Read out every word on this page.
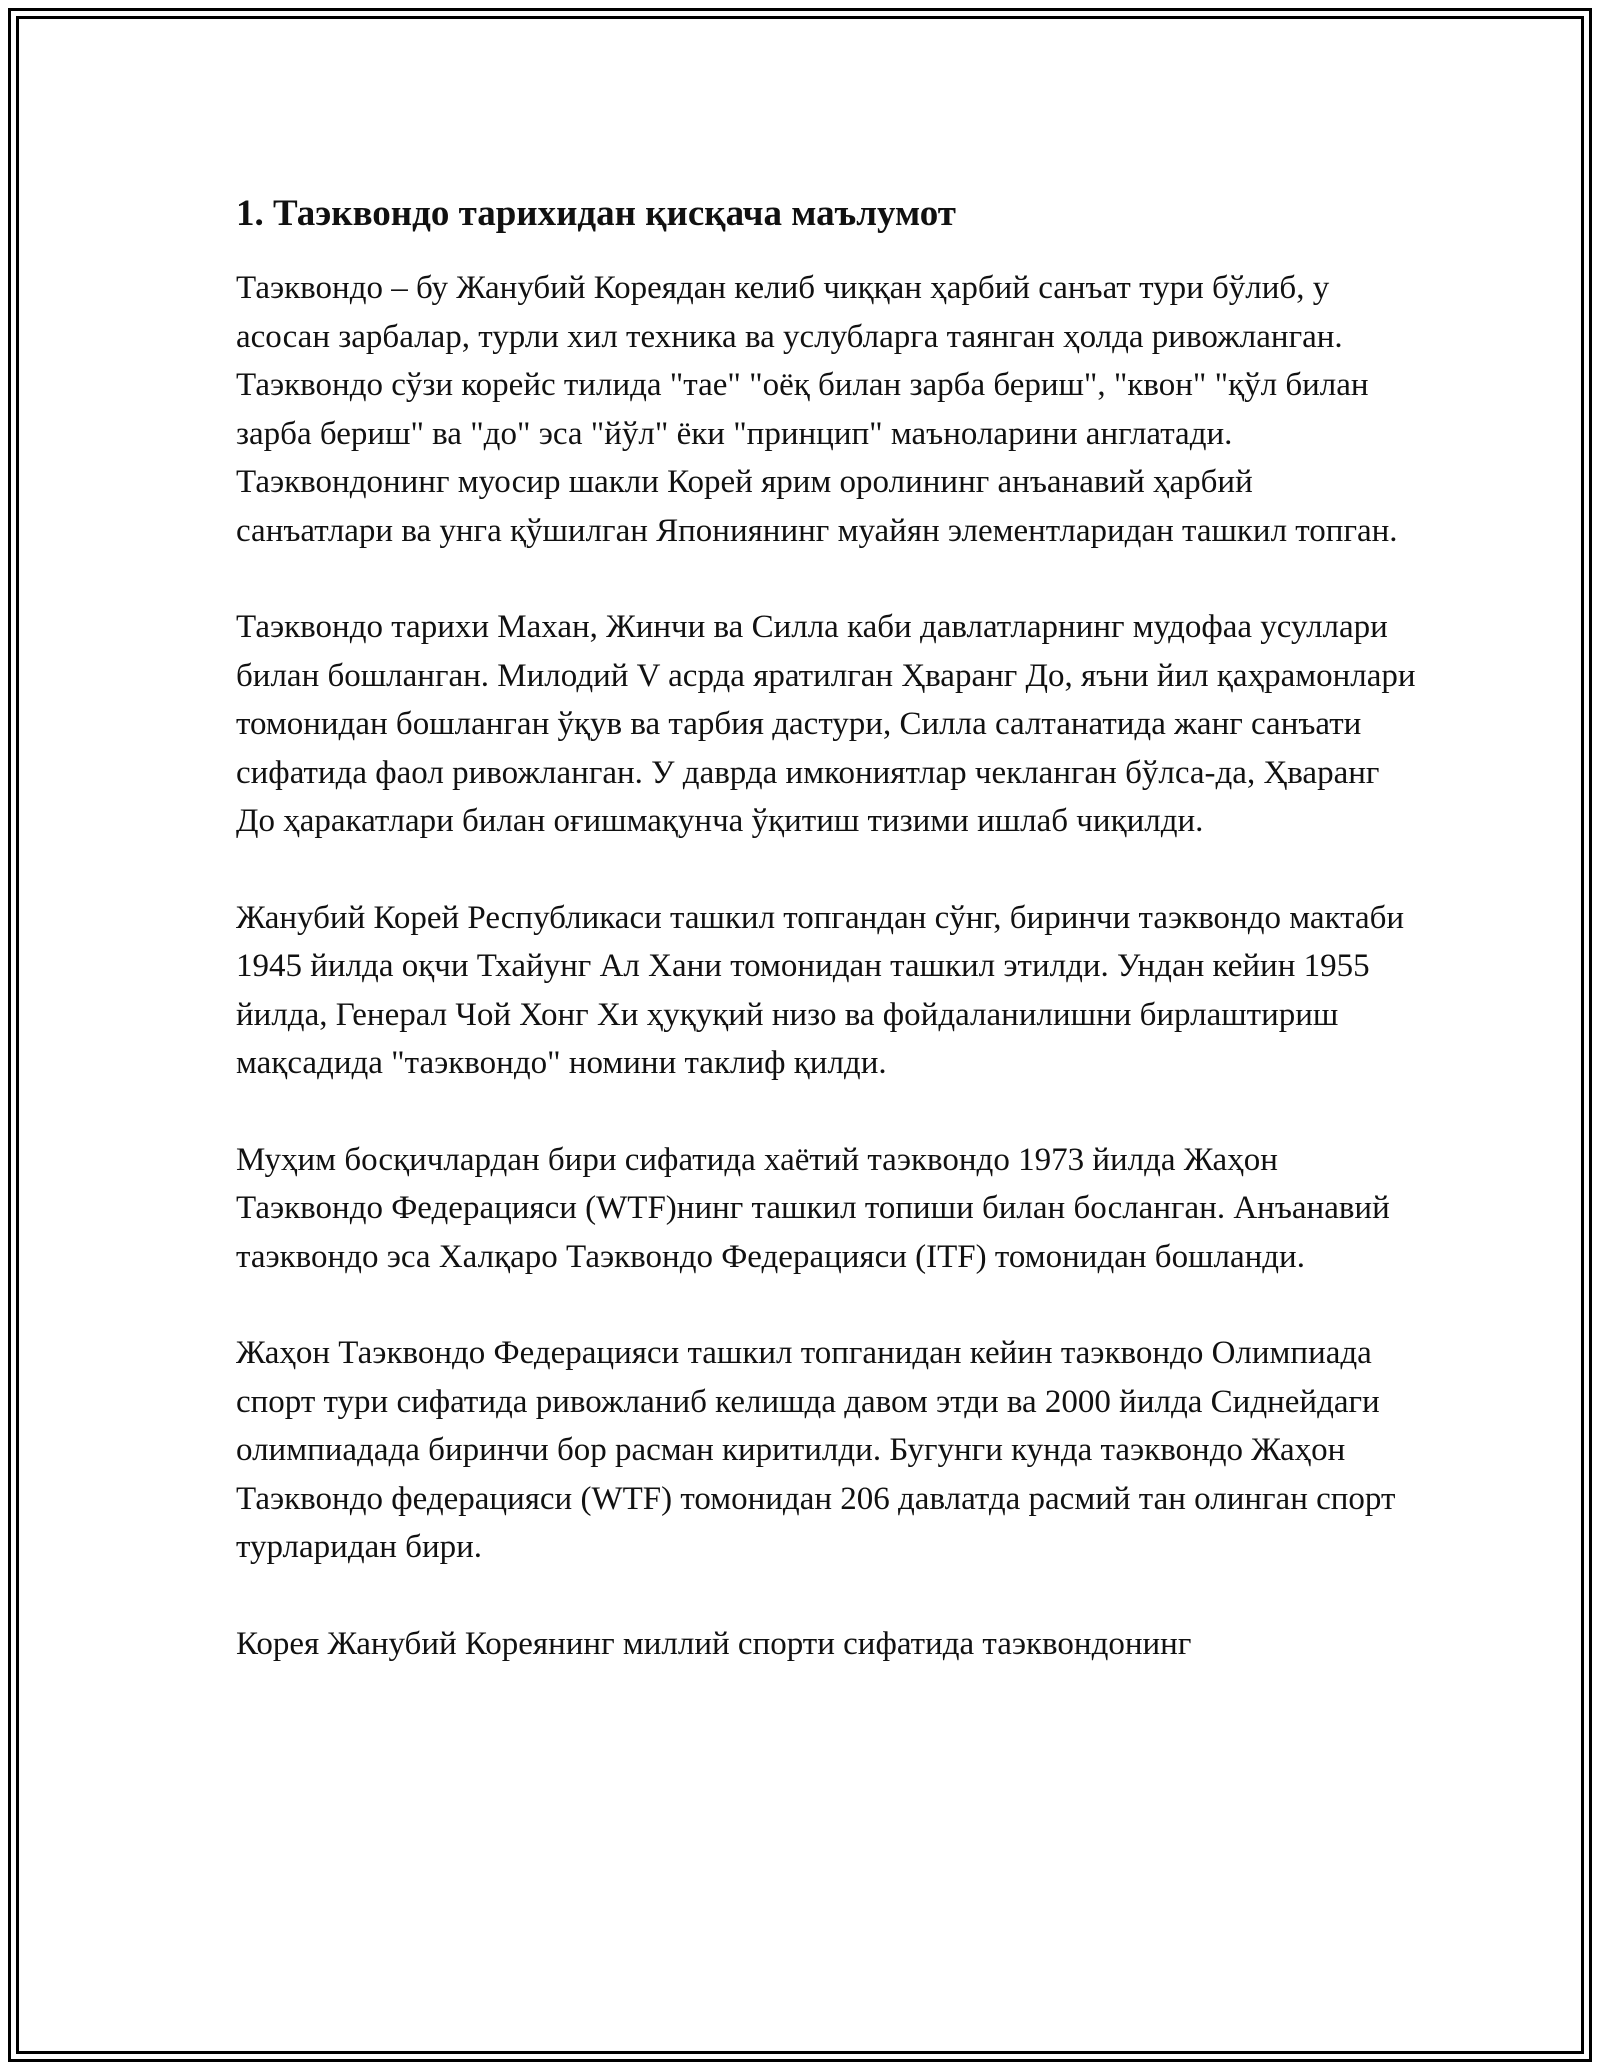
1. Таэквондо тарихидан қисқача маълумот

Таэквондо – бу Жанубий Кореядан келиб чиққан ҳарбий санъат тури бўлиб, у асосан зарбалар, турли хил техника ва услубларга таянган ҳолда ривожланган. Таэквондо сўзи корейс тилида "тае" "оёқ билан зарба бериш", "квон" "қўл билан зарба бериш" ва "до" эса "йўл" ёки "принцип" маъноларини англатади. Таэквондонинг муосир шакли Корей ярим оролининг анъанавий ҳарбий санъатлари ва унга қўшилган Япониянинг муайян элементларидан ташкил топган.

Таэквондо тарихи Махан, Жинчи ва Силла каби давлатларнинг мудофаа усуллари билан бошланган. Милодий V асрда яратилган Ҳваранг До, яъни йил қаҳрамонлари томонидан бошланган ўқув ва тарбия дастури, Силла салтанатида жанг санъати сифатида фаол ривожланган. У даврда имкониятлар чекланган бўлса-да, Ҳваранг До ҳаракатлари билан оғишмақунча ўқитиш тизими ишлаб чиқилди.

Жанубий Корей Республикаси ташкил топгандан сўнг, биринчи таэквондо мактаби 1945 йилда оқчи Тхайунг Ал Хани томонидан ташкил этилди. Ундан кейин 1955 йилда, Генерал Чой Хонг Хи ҳуқуқий низо ва фойдаланилишни бирлаштириш мақсадида "таэквондо" номини таклиф қилди.

Муҳим босқичлардан бири сифатида хаётий таэквондо 1973 йилда Жаҳон Таэквондо Федерацияси (WTF)нинг ташкил топиши билан босланган. Анъанавий таэквондо эса Халқаро Таэквондо Федерацияси (ITF) томонидан бошланди.

Жаҳон Таэквондо Федерацияси ташкил топганидан кейин таэквондо Олимпиада спорт тури сифатида ривожланиб келишда давом этди ва 2000 йилда Сиднейдаги олимпиадада биринчи бор расман киритилди. Бугунги кунда таэквондо Жаҳон Таэквондо федерацияси (WTF) томонидан 206 давлатда расмий тан олинган спорт турларидан бири.

Корея Жанубий Кореянинг миллий спорти сифатида таэквондонинг
